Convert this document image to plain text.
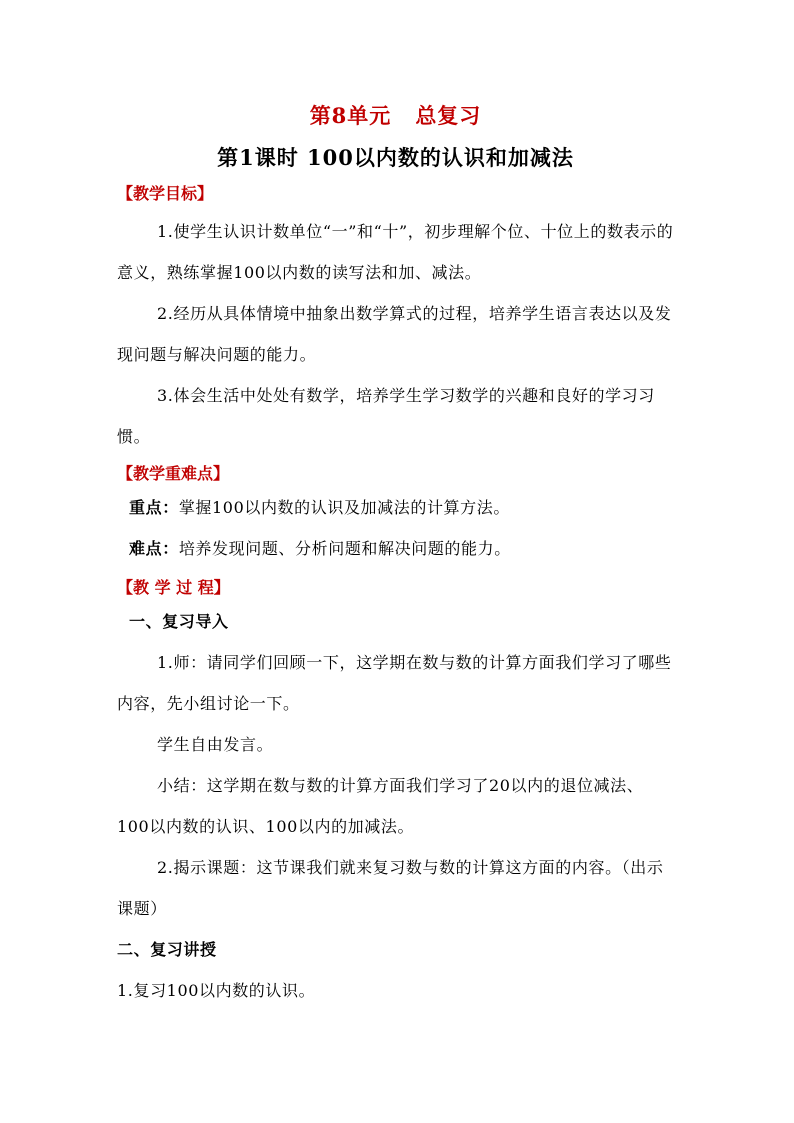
第8单元 总复习
第1课时 100以内数的认识和加减法

【教学目标】

1.使学生认识计数单位“一”和“十”，初步理解个位、十位上的数表示的意义，熟练掌握100以内数的读写法和加、减法。

2.经历从具体情境中抽象出数学算式的过程，培养学生语言表达以及发现问题与解决问题的能力。

3.体会生活中处处有数学，培养学生学习数学的兴趣和良好的学习习惯。

【教学重难点】

重点：掌握100以内数的认识及加减法的计算方法。

难点：培养发现问题、分析问题和解决问题的能力。

【教 学 过 程】

一、复习导入

1.师：请同学们回顾一下，这学期在数与数的计算方面我们学习了哪些内容，先小组讨论一下。

学生自由发言。

小结：这学期在数与数的计算方面我们学习了20以内的退位减法、100以内数的认识、100以内的加减法。

2.揭示课题：这节课我们就来复习数与数的计算这方面的内容。（出示课题）

二、复习讲授

1.复习100以内数的认识。
